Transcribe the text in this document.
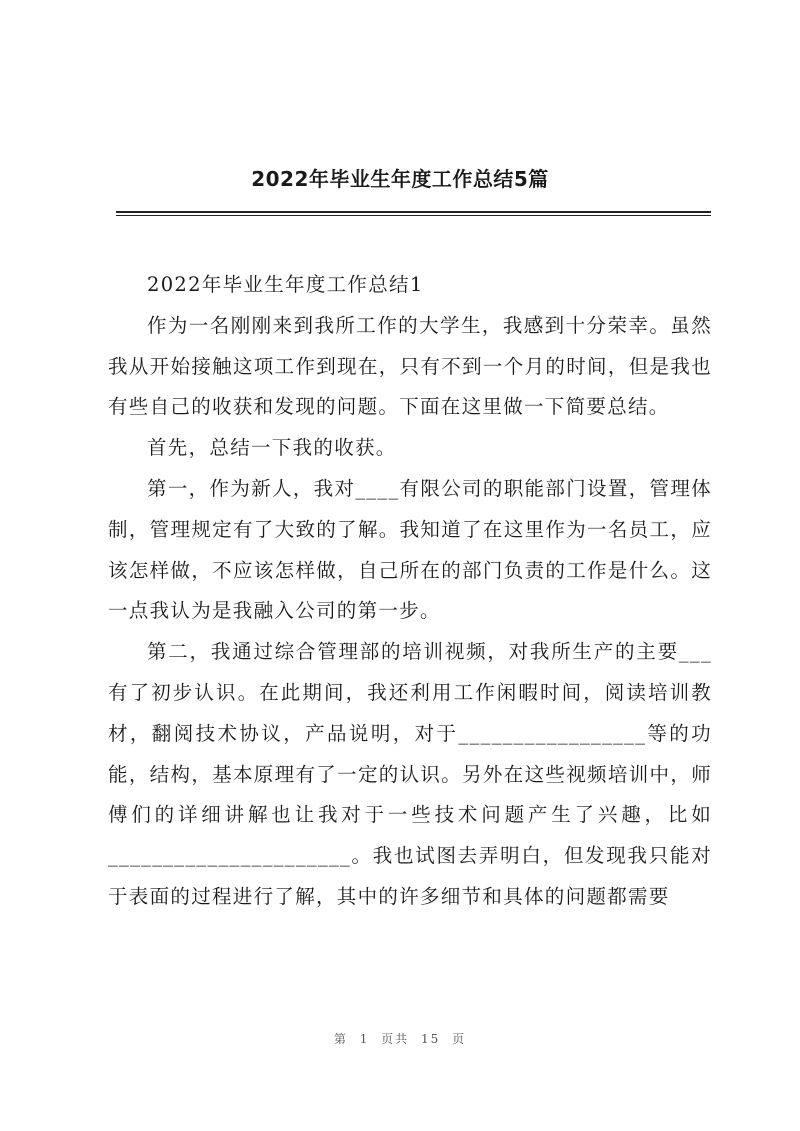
2022年毕业生年度工作总结5篇

2022年毕业生年度工作总结1

作为一名刚刚来到我所工作的大学生，我感到十分荣幸。虽然我从开始接触这项工作到现在，只有不到一个月的时间，但是我也有些自己的收获和发现的问题。下面在这里做一下简要总结。

首先，总结一下我的收获。

第一，作为新人，我对____有限公司的职能部门设置，管理体制，管理规定有了大致的了解。我知道了在这里作为一名员工，应该怎样做，不应该怎样做，自己所在的部门负责的工作是什么。这一点我认为是我融入公司的第一步。

第二，我通过综合管理部的培训视频，对我所生产的主要___有了初步认识。在此期间，我还利用工作闲暇时间，阅读培训教材，翻阅技术协议，产品说明，对于_________________等的功能，结构，基本原理有了一定的认识。另外在这些视频培训中，师傅们的详细讲解也让我对于一些技术问题产生了兴趣，比如______________________。我也试图去弄明白，但发现我只能对于表面的过程进行了解，其中的许多细节和具体的问题都需要

第 1 页共 15 页
